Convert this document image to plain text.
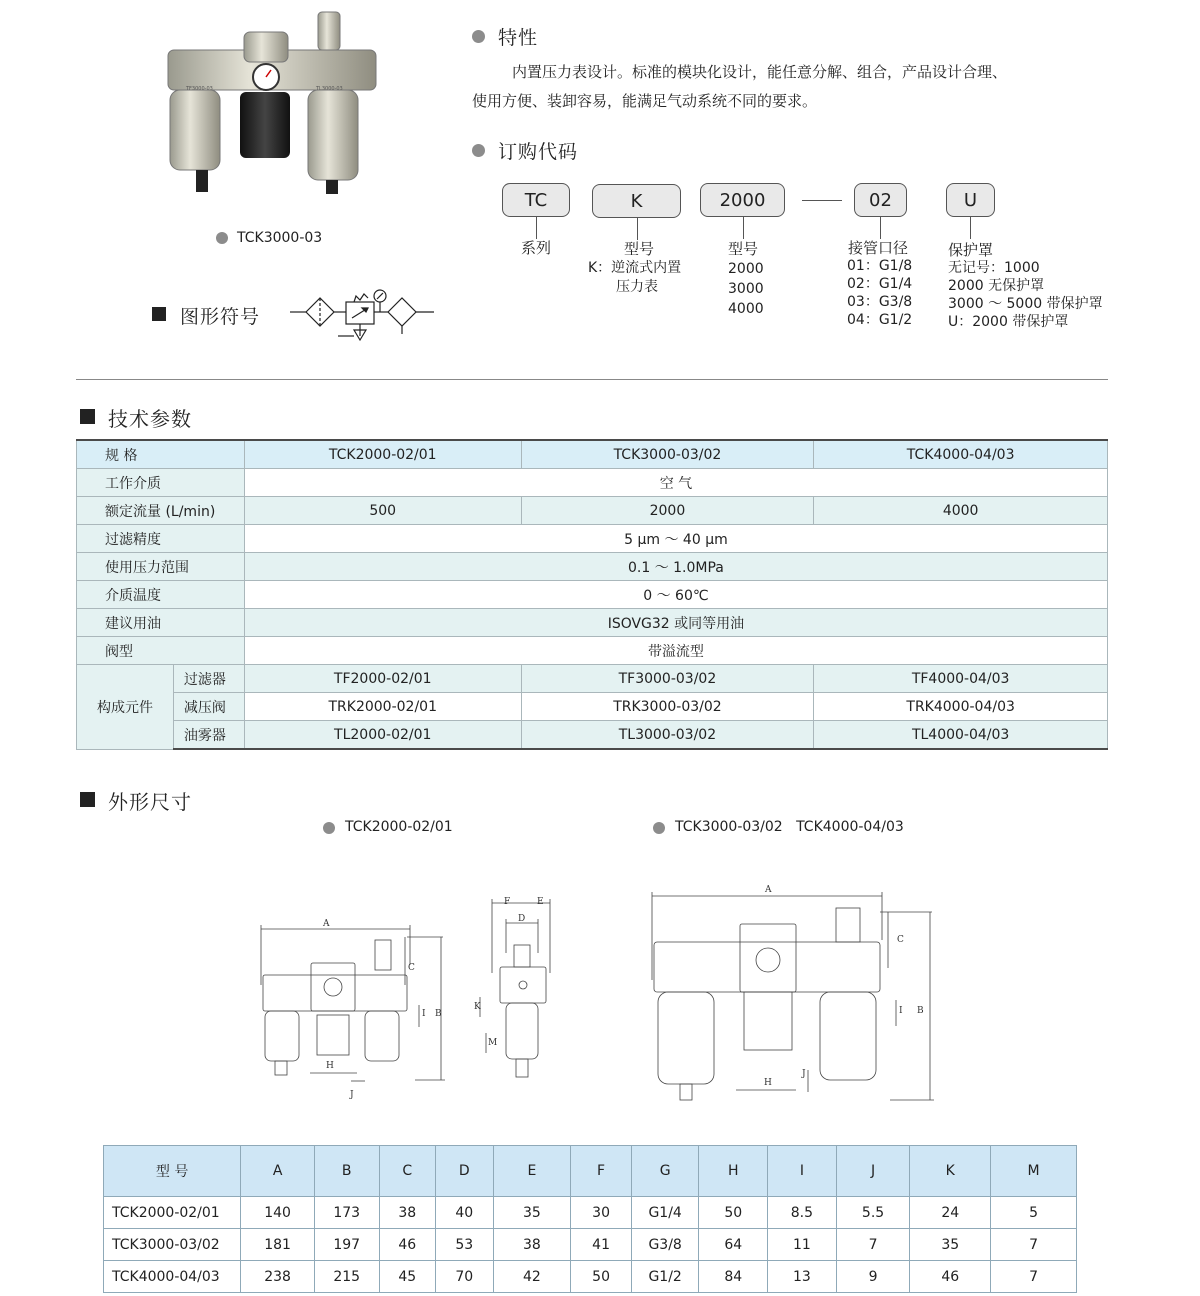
TF3000-03	TL3000-03
TCK3000-03
图形符号
特性
内置压力表设计。标准的模块化设计，能任意分解、组合，产品设计合理、
使用方便、装卸容易，能满足气动系统不同的要求。
订购代码
TC	K	2000	02	U
系列	型号
K：逆流式内置
压力表
型号
2000
3000
4000
接管口径
01：G1/8
02：G1/4
03：G3/8
04：G1/2
保护罩
无记号：1000
2000 无保护罩
3000 ～ 5000 带保护罩
U：2000 带保护罩
技术参数
规 格		TCK2000-02/01	TCK3000-03/02	TCK4000-04/03
工作介质		空 气		
额定流量 (L/min)		500	2000	4000
过滤精度		5 μm ～ 40 μm		
使用压力范围		0.1 ～ 1.0MPa		
介质温度		0 ～ 60℃		
建议用油		ISOVG32 或同等用油		
阀型		带溢流型		
构成元件	过滤器	TF2000-02/01	TF3000-03/02	TF4000-04/03
	减压阀	TRK2000-02/01	TRK3000-03/02	TRK4000-04/03
	油雾器	TL2000-02/01	TL3000-03/02	TL4000-04/03
外形尺寸
TCK2000-02/01	TCK3000-03/02   TCK4000-04/03
A
C
B
I
H
J
F	E
D
K
M
A
C
B
I
H
J
型 号	A	B	C	D	E	F	G	H	I	J	K	M
TCK2000-02/01	140	173	38	40	35	30	G1/4	50	8.5	5.5	24	5
TCK3000-03/02	181	197	46	53	38	41	G3/8	64	11	7	35	7
TCK4000-04/03	238	215	45	70	42	50	G1/2	84	13	9	46	7
